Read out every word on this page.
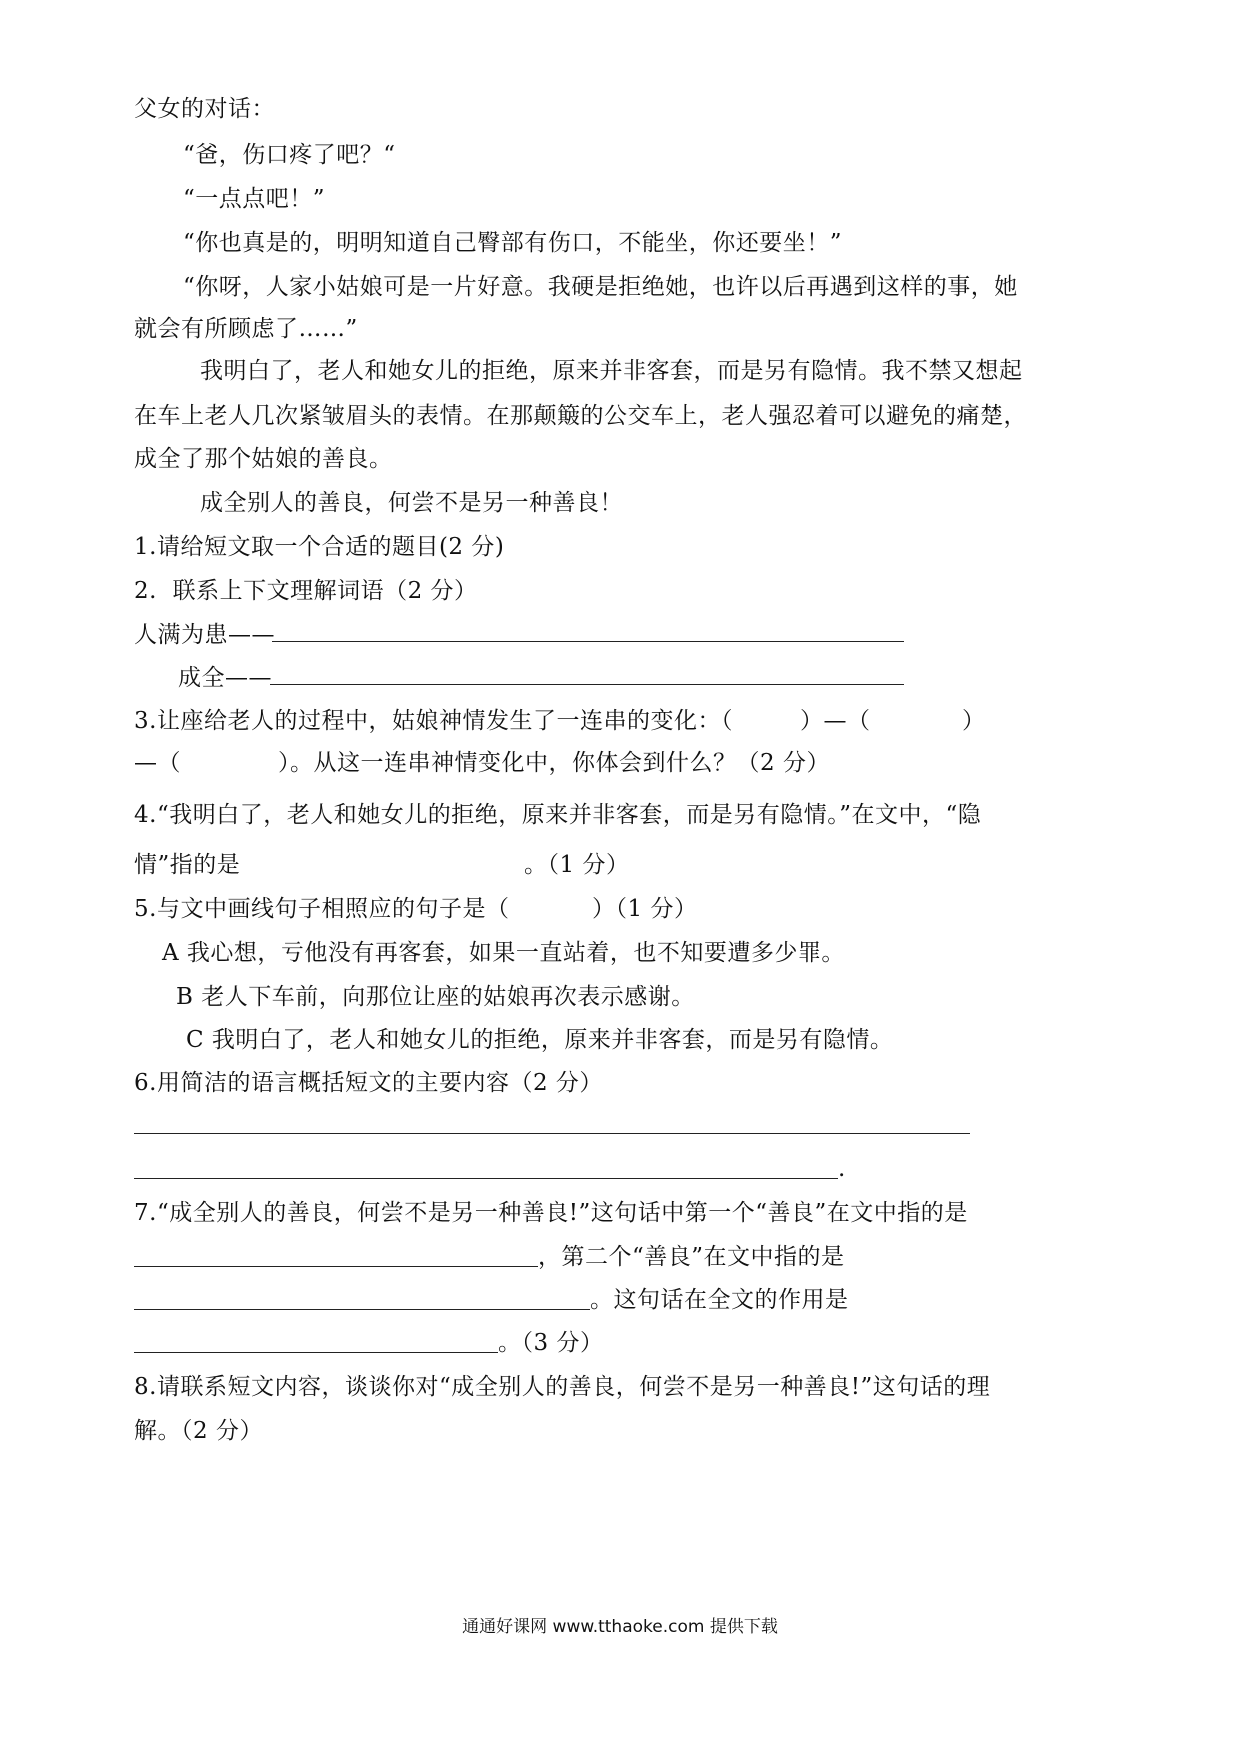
父女的对话：
“爸，伤口疼了吧？“
“一点点吧！”
“你也真是的，明明知道自己臀部有伤口，不能坐，你还要坐！”
“你呀，人家小姑娘可是一片好意。我硬是拒绝她，也许以后再遇到这样的事，她
就会有所顾虑了……”
我明白了，老人和她女儿的拒绝，原来并非客套，而是另有隐情。我不禁又想起
在车上老人几次紧皱眉头的表情。在那颠簸的公交车上，老人强忍着可以避免的痛楚，
成全了那个姑娘的善良。
成全别人的善良，何尝不是另一种善良！
1.请给短文取一个合适的题目(2 分)
2.  联系上下文理解词语（2 分）
人满为患——
成全——
3.让座给老人的过程中，姑娘神情发生了一连串的变化：（	）—（	）
—（	）。从这一连串神情变化中，你体会到什么？（2 分）
4.“我明白了，老人和她女儿的拒绝，原来并非客套，而是另有隐情。”在文中，“隐
情”指的是	。（1 分）
5.与文中画线句子相照应的句子是（	）（1 分）
A 我心想，亏他没有再客套，如果一直站着，也不知要遭多少罪。
B 老人下车前，向那位让座的姑娘再次表示感谢。
C 我明白了，老人和她女儿的拒绝，原来并非客套，而是另有隐情。
6.用简洁的语言概括短文的主要内容（2 分）
.
7.“成全别人的善良，何尝不是另一种善良!”这句话中第一个“善良”在文中指的是
，第二个“善良”在文中指的是
。这句话在全文的作用是
。（3 分）
8.请联系短文内容，谈谈你对“成全别人的善良，何尝不是另一种善良!”这句话的理
解。（2 分）
通通好课网 www.tthaoke.com 提供下载
